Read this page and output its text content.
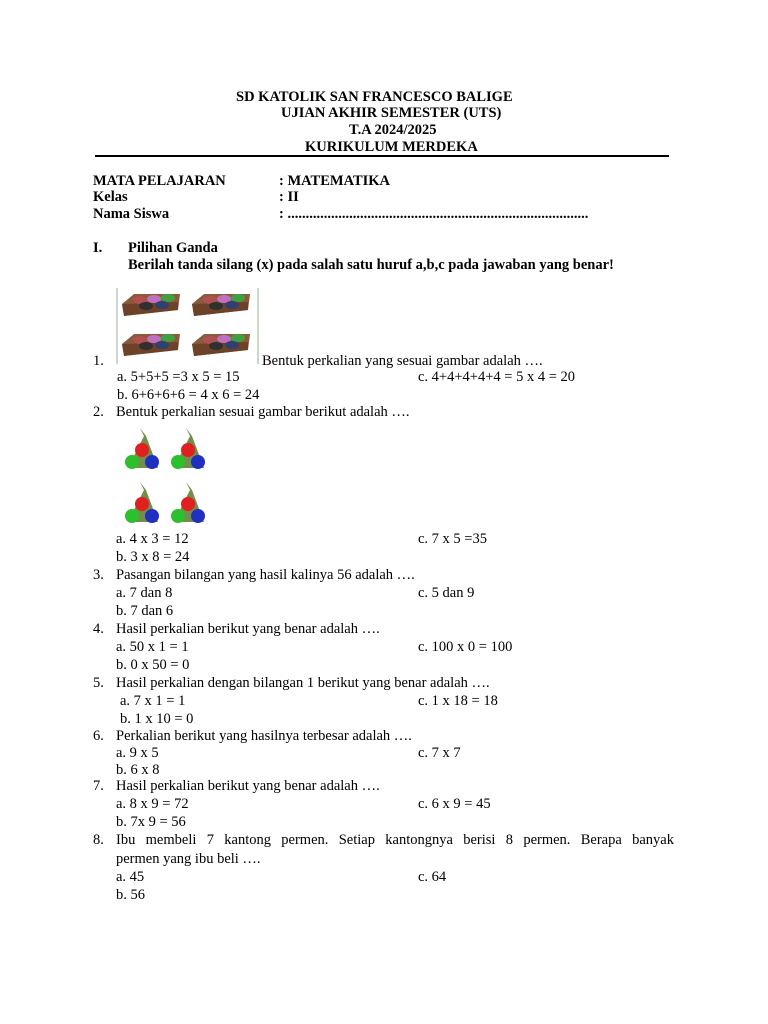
SD KATOLIK SAN FRANCESCO BALIGE
UJIAN AKHIR SEMESTER (UTS)
T.A 2024/2025
KURIKULUM MERDEKA
MATA PELAJARAN	: MATEMATIKA
Kelas	: II
Nama Siswa	: ...................................................................................
I. Pilihan Ganda
Berilah tanda silang (x) pada salah satu huruf a,b,c pada jawaban yang benar!
1.	Bentuk perkalian yang sesuai gambar adalah ….
a. 5+5+5 =3 x 5 = 15	c. 4+4+4+4+4 = 5 x 4 = 20
b. 6+6+6+6 = 4 x 6 = 24
2. Bentuk perkalian sesuai gambar berikut adalah ….
a. 4 x 3 = 12	c. 7 x 5 =35
b. 3 x 8 = 24
3. Pasangan bilangan yang hasil kalinya 56 adalah ….
a. 7 dan 8	c. 5 dan 9
b. 7 dan 6
4. Hasil perkalian berikut yang benar adalah ….
a. 50 x 1 = 1	c. 100 x 0 = 100
b. 0 x 50 = 0
5. Hasil perkalian dengan bilangan 1 berikut yang benar adalah ….
a. 7 x 1 = 1	c. 1 x 18 = 18
b. 1 x 10 = 0
6. Perkalian berikut yang hasilnya terbesar adalah ….
a. 9 x 5	c. 7 x 7
b. 6 x 8
7. Hasil perkalian berikut yang benar adalah ….
a. 8 x 9 = 72	c. 6 x 9 = 45
b. 7x 9 = 56
8. Ibu membeli 7 kantong permen. Setiap kantongnya berisi 8 permen. Berapa banyak
permen yang ibu beli ….
a. 45	c. 64
b. 56
